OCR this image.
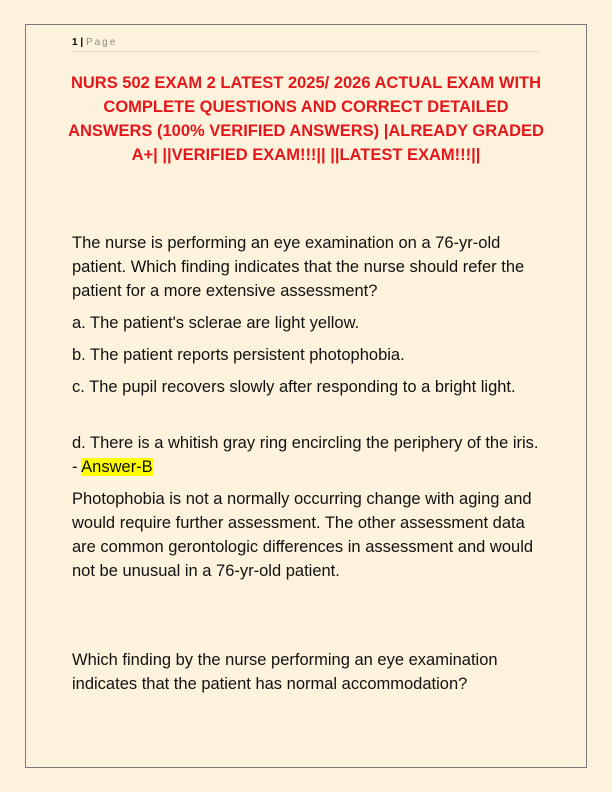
1 | Page
NURS 502 EXAM 2 LATEST 2025/ 2026 ACTUAL EXAM WITH COMPLETE QUESTIONS AND CORRECT DETAILED ANSWERS (100% VERIFIED ANSWERS) |ALREADY GRADED A+| ||VERIFIED EXAM!!!|| ||LATEST EXAM!!!||

The nurse is performing an eye examination on a 76-yr-old patient. Which finding indicates that the nurse should refer the patient for a more extensive assessment?

a. The patient's sclerae are light yellow.

b. The patient reports persistent photophobia.

c. The pupil recovers slowly after responding to a bright light.

d. There is a whitish gray ring encircling the periphery of the iris. - Answer-B

Photophobia is not a normally occurring change with aging and would require further assessment. The other assessment data are common gerontologic differences in assessment and would not be unusual in a 76-yr-old patient.

Which finding by the nurse performing an eye examination indicates that the patient has normal accommodation?
